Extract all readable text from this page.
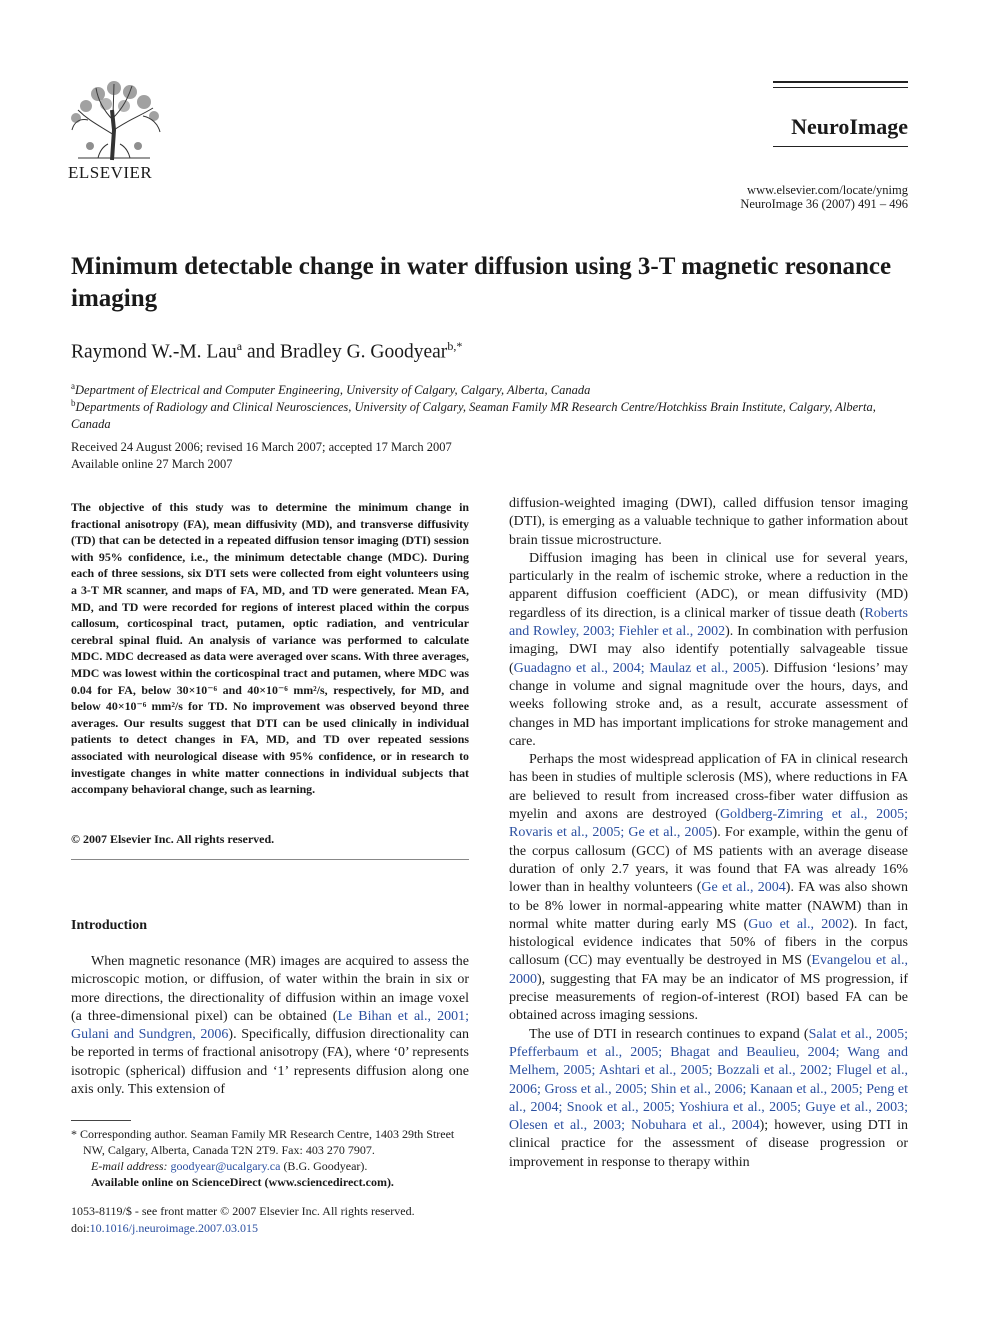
ELSEVIER
NeuroImage
www.elsevier.com/locate/ynimg
NeuroImage 36 (2007) 491 – 496
Minimum detectable change in water diffusion using 3-T magnetic resonance imaging
Raymond W.-M. Lau$^a$ and Bradley G. Goodyear$^{b,*}$
$^a$Department of Electrical and Computer Engineering, University of Calgary, Calgary, Alberta, Canada
$^b$Departments of Radiology and Clinical Neurosciences, University of Calgary, Seaman Family MR Research Centre/Hotchkiss Brain Institute, Calgary, Alberta, Canada
Received 24 August 2006; revised 16 March 2007; accepted 17 March 2007
Available online 27 March 2007
The objective of this study was to determine the minimum change in fractional anisotropy (FA), mean diffusivity (MD), and transverse diffusivity (TD) that can be detected in a repeated diffusion tensor imaging (DTI) session with 95% confidence, i.e., the minimum detectable change (MDC). During each of three sessions, six DTI sets were collected from eight volunteers using a 3-T MR scanner, and maps of FA, MD, and TD were generated. Mean FA, MD, and TD were recorded for regions of interest placed within the corpus callosum, corticospinal tract, putamen, optic radiation, and ventricular cerebral spinal fluid. An analysis of variance was performed to calculate MDC. MDC decreased as data were averaged over scans. With three averages, MDC was lowest within the corticospinal tract and putamen, where MDC was 0.04 for FA, below 30×10⁻⁶ and 40×10⁻⁶ mm²/s, respectively, for MD, and below 40×10⁻⁶ mm²/s for TD. No improvement was observed beyond three averages. Our results suggest that DTI can be used clinically in individual patients to detect changes in FA, MD, and TD over repeated sessions associated with neurological disease with 95% confidence, or in research to investigate changes in white matter connections in individual subjects that accompany behavioral change, such as learning.
© 2007 Elsevier Inc. All rights reserved.
Introduction
When magnetic resonance (MR) images are acquired to assess the microscopic motion, or diffusion, of water within the brain in six or more directions, the directionality of diffusion within an image voxel (a three-dimensional pixel) can be obtained (Le Bihan et al., 2001; Gulani and Sundgren, 2006). Specifically, diffusion directionality can be reported in terms of fractional anisotropy (FA), where ‘0’ represents isotropic (spherical) diffusion and ‘1’ represents diffusion along one axis only. This extension of
* Corresponding author. Seaman Family MR Research Centre, 1403 29th Street NW, Calgary, Alberta, Canada T2N 2T9. Fax: 403 270 7907.
E-mail address: goodyear@ucalgary.ca (B.G. Goodyear).
Available online on ScienceDirect (www.sciencedirect.com).
1053-8119/$ - see front matter © 2007 Elsevier Inc. All rights reserved.
doi:10.1016/j.neuroimage.2007.03.015

diffusion-weighted imaging (DWI), called diffusion tensor imaging (DTI), is emerging as a valuable technique to gather information about brain tissue microstructure.

Diffusion imaging has been in clinical use for several years, particularly in the realm of ischemic stroke, where a reduction in the apparent diffusion coefficient (ADC), or mean diffusivity (MD) regardless of its direction, is a clinical marker of tissue death (Roberts and Rowley, 2003; Fiehler et al., 2002). In combination with perfusion imaging, DWI may also identify potentially salvageable tissue (Guadagno et al., 2004; Maulaz et al., 2005). Diffusion ‘lesions’ may change in volume and signal magnitude over the hours, days, and weeks following stroke and, as a result, accurate assessment of changes in MD has important implications for stroke management and care.

Perhaps the most widespread application of FA in clinical research has been in studies of multiple sclerosis (MS), where reductions in FA are believed to result from increased cross-fiber water diffusion as myelin and axons are destroyed (Goldberg-Zimring et al., 2005; Rovaris et al., 2005; Ge et al., 2005). For example, within the genu of the corpus callosum (GCC) of MS patients with an average disease duration of only 2.7 years, it was found that FA was already 16% lower than in healthy volunteers (Ge et al., 2004). FA was also shown to be 8% lower in normal-appearing white matter (NAWM) than in normal white matter during early MS (Guo et al., 2002). In fact, histological evidence indicates that 50% of fibers in the corpus callosum (CC) may eventually be destroyed in MS (Evangelou et al., 2000), suggesting that FA may be an indicator of MS progression, if precise measurements of region-of-interest (ROI) based FA can be obtained across imaging sessions.

The use of DTI in research continues to expand (Salat et al., 2005; Pfefferbaum et al., 2005; Bhagat and Beaulieu, 2004; Wang and Melhem, 2005; Ashtari et al., 2005; Bozzali et al., 2002; Flugel et al., 2006; Gross et al., 2005; Shin et al., 2006; Kanaan et al., 2005; Peng et al., 2004; Snook et al., 2005; Yoshiura et al., 2005; Guye et al., 2003; Olesen et al., 2003; Nobuhara et al., 2004); however, using DTI in clinical practice for the assessment of disease progression or improvement in response to therapy within
